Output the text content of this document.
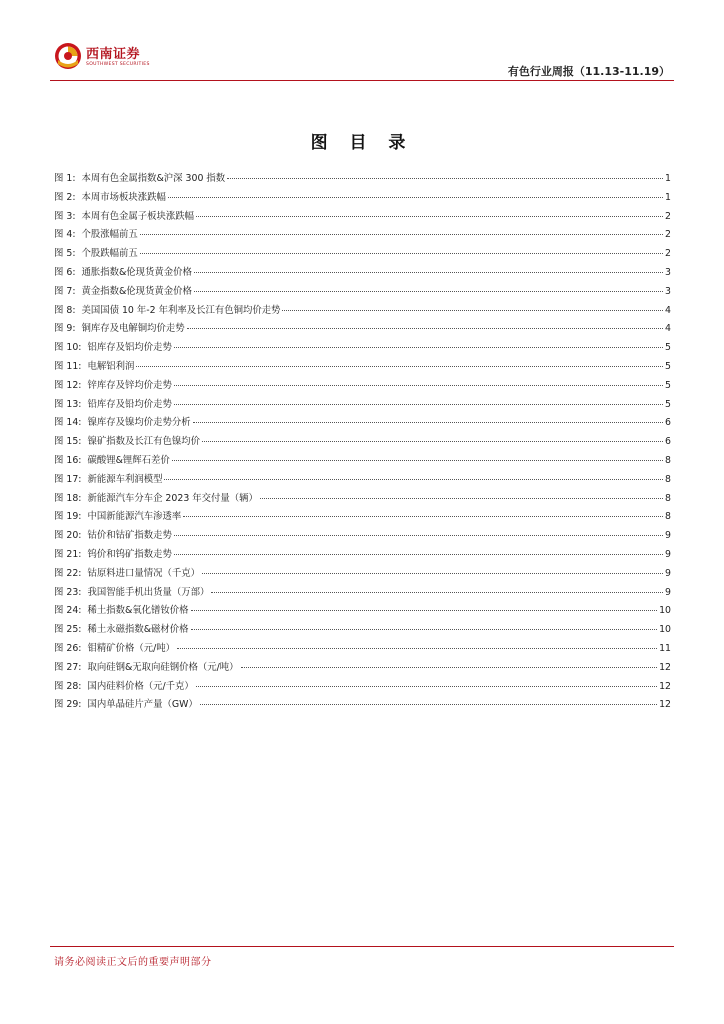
西南证券
SOUTHWEST SECURITIES
有色行业周报（11.13-11.19）
图 目 录
图 1: 本周有色金属指数&沪深 300 指数	1
图 2: 本周市场板块涨跌幅	1
图 3: 本周有色金属子板块涨跌幅	2
图 4: 个股涨幅前五	2
图 5: 个股跌幅前五	2
图 6: 通胀指数&伦现货黄金价格	3
图 7: 黄金指数&伦现货黄金价格	3
图 8: 美国国债 10 年-2 年利率及长江有色铜均价走势	4
图 9: 铜库存及电解铜均价走势	4
图 10: 铝库存及铝均价走势	5
图 11: 电解铝利润	5
图 12: 锌库存及锌均价走势	5
图 13: 铅库存及铅均价走势	5
图 14: 镍库存及镍均价走势分析	6
图 15: 镍矿指数及长江有色镍均价	6
图 16: 碳酸锂&锂辉石差价	8
图 17: 新能源车利润模型	8
图 18: 新能源汽车分车企 2023 年交付量（辆）	8
图 19: 中国新能源汽车渗透率	8
图 20: 钴价和钴矿指数走势	9
图 21: 钨价和钨矿指数走势	9
图 22: 钴原料进口量情况（千克）	9
图 23: 我国智能手机出货量（万部）	9
图 24: 稀土指数&氧化镨钕价格	10
图 25: 稀土永磁指数&磁材价格	10
图 26: 钼精矿价格（元/吨）	11
图 27: 取向硅钢&无取向硅钢价格（元/吨）	12
图 28: 国内硅料价格（元/千克）	12
图 29: 国内单晶硅片产量（GW）	12
请务必阅读正文后的重要声明部分
